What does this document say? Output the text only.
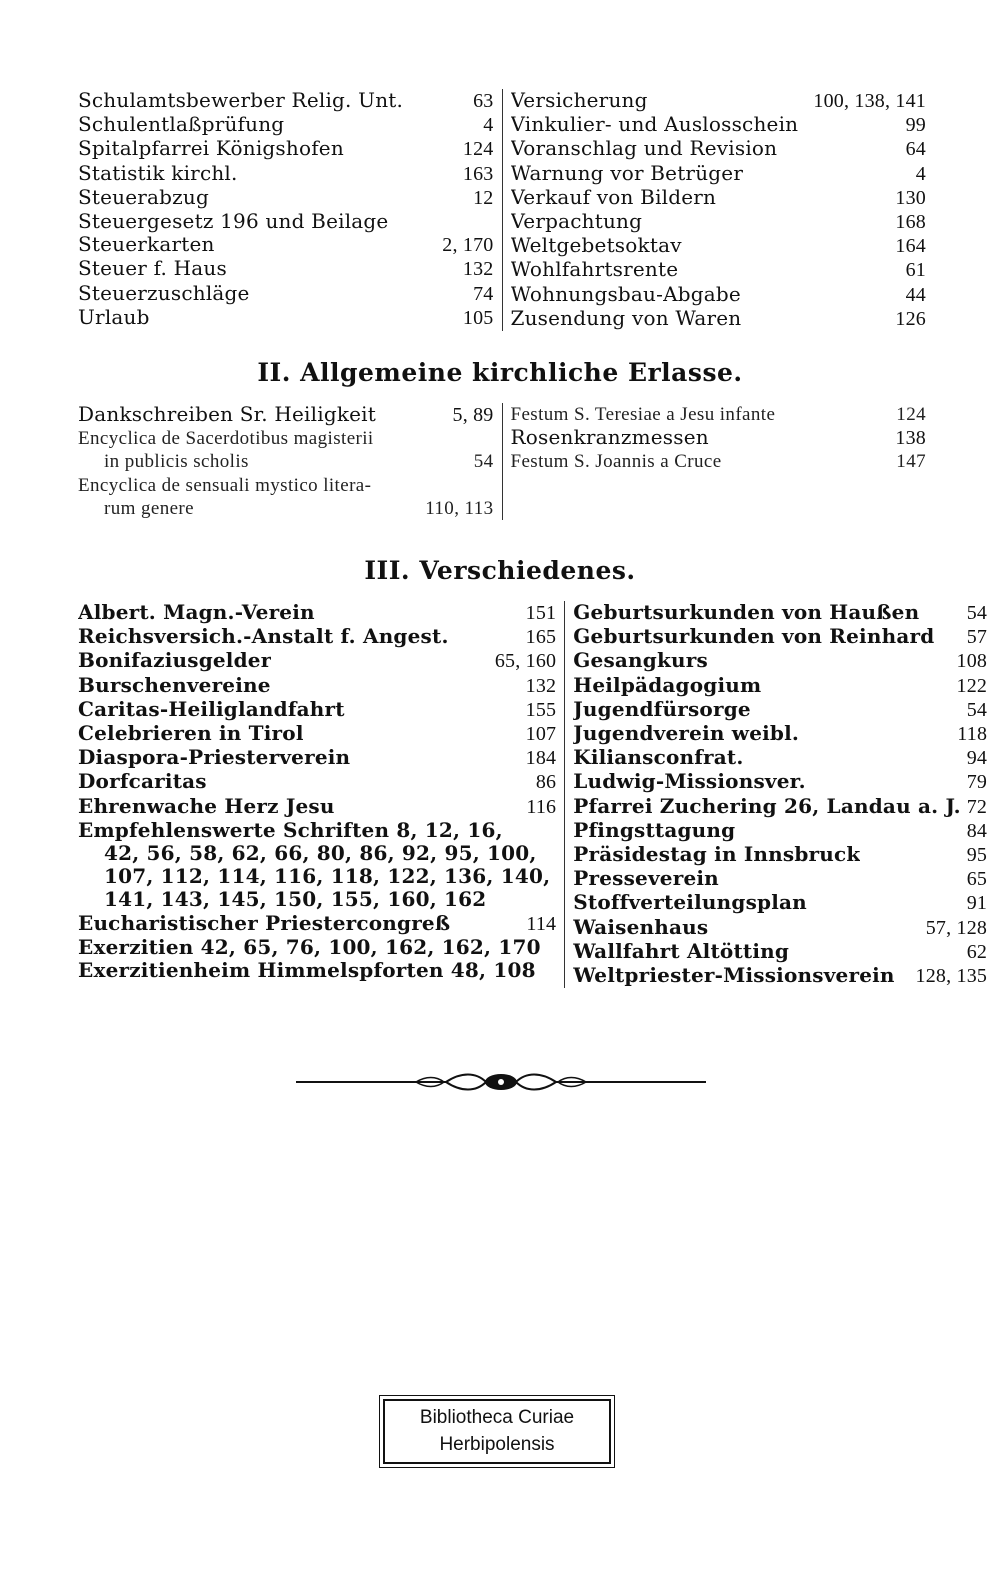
Schulamtsbewerber Relig. Unt.	63
Schulentlaßprüfung	4
Spitalpfarrei Königshofen	124
Statistik kirchl.	163
Steuerabzug	12
Steuergesetz 196 und Beilage
Steuerkarten	2, 170
Steuer f. Haus	132
Steuerzuschläge	74
Urlaub	105
Versicherung	100, 138, 141
Vinkulier- und Auslosschein	99
Voranschlag und Revision	64
Warnung vor Betrüger	4
Verkauf von Bildern	130
Verpachtung	168
Weltgebetsoktav	164
Wohlfahrtsrente	61
Wohnungsbau-Abgabe	44
Zusendung von Waren	126
II. Allgemeine kirchliche Erlasse.
Dankschreiben Sr. Heiligkeit	5, 89
Encyclica de Sacerdotibus magisterii
in publicis scholis	54
Encyclica de sensuali mystico litera-
rum genere	110, 113
Festum S. Teresiae a Jesu infante	124
Rosenkranzmessen	138
Festum S. Joannis a Cruce	147
III. Verschiedenes.
Albert. Magn.-Verein	151
Reichsversich.-Anstalt f. Angest.	165
Bonifaziusgelder	65, 160
Burschenvereine	132
Caritas-Heiliglandfahrt	155
Celebrieren in Tirol	107
Diaspora-Priesterverein	184
Dorfcaritas	86
Ehrenwache Herz Jesu	116
Empfehlenswerte Schriften 8, 12, 16,
42, 56, 58, 62, 66, 80, 86, 92, 95, 100,
107, 112, 114, 116, 118, 122, 136, 140,
141, 143, 145, 150, 155, 160, 162
Eucharistischer Priestercongreß	114
Exerzitien 42, 65, 76, 100, 162, 162, 170
Exerzitienheim Himmelspforten 48, 108
Geburtsurkunden von Haußen	54
Geburtsurkunden von Reinhard	57
Gesangkurs	108
Heilpädagogium	122
Jugendfürsorge	54
Jugendverein weibl.	118
Kiliansconfrat.	94
Ludwig-Missionsver.	79
Pfarrei Zuchering 26, Landau a. J. 72
Pfingsttagung	84
Präsidestag in Innsbruck	95
Presseverein	65
Stoffverteilungsplan	91
Waisenhaus	57, 128
Wallfahrt Altötting	62
Weltpriester-Missionsverein	128, 135
Bibliotheca Curiae
Herbipolensis
